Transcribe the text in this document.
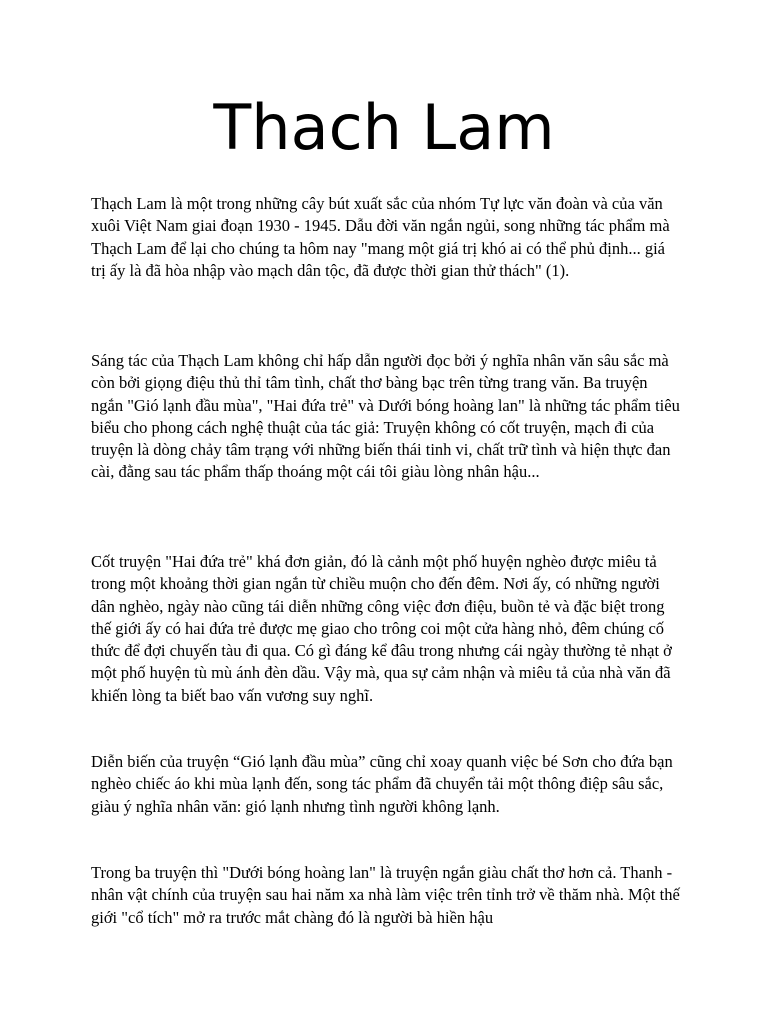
Thach Lam

Thạch Lam là một trong những cây bút xuất sắc của nhóm Tự lực văn đoàn và của văn xuôi Việt Nam giai đoạn 1930 - 1945. Dẫu đời văn ngắn ngủi, song những tác phẩm mà Thạch Lam để lại cho chúng ta hôm nay "mang một giá trị khó ai có thể phủ định... giá trị ấy là đã hòa nhập vào mạch dân tộc, đã được thời gian thử thách" (1).

Sáng tác của Thạch Lam không chỉ hấp dẫn người đọc bởi ý nghĩa nhân văn sâu sắc mà còn bởi giọng điệu thủ thỉ tâm tình, chất thơ bàng bạc trên từng trang văn. Ba truyện ngắn "Gió lạnh đầu mùa", "Hai đứa trẻ" và Dưới bóng hoàng lan" là những tác phẩm tiêu biểu cho phong cách nghệ thuật của tác giả: Truyện không có cốt truyện, mạch đi của truyện là dòng chảy tâm trạng với những biến thái tinh vi, chất trữ tình và hiện thực đan cài, đằng sau tác phẩm thấp thoáng một cái tôi giàu lòng nhân hậu...

Cốt truyện "Hai đứa trẻ" khá đơn giản, đó là cảnh một phố huyện nghèo được miêu tả trong một khoảng thời gian ngắn từ chiều muộn cho đến đêm. Nơi ấy, có những người dân nghèo, ngày nào cũng tái diễn những công việc đơn điệu, buồn tẻ và đặc biệt trong thế giới ấy có hai đứa trẻ được mẹ giao cho trông coi một cửa hàng nhỏ, đêm chúng cố thức để đợi chuyến tàu đi qua. Có gì đáng kể đâu trong nhưng cái ngày thường tẻ nhạt ở một phố huyện tù mù ánh đèn dầu. Vậy mà, qua sự cảm nhận và miêu tả của nhà văn đã khiến lòng ta biết bao vấn vương suy nghĩ.

Diễn biến của truyện “Gió lạnh đầu mùa” cũng chỉ xoay quanh việc bé Sơn cho đứa bạn nghèo chiếc áo khi mùa lạnh đến, song tác phẩm đã chuyển tải một thông điệp sâu sắc, giàu ý nghĩa nhân văn: gió lạnh nhưng tình người không lạnh.

Trong ba truyện thì "Dưới bóng hoàng lan" là truyện ngắn giàu chất thơ hơn cả. Thanh - nhân vật chính của truyện sau hai năm xa nhà làm việc trên tỉnh trở về thăm nhà. Một thế giới "cổ tích" mở ra trước mắt chàng đó là người bà hiền hậu
